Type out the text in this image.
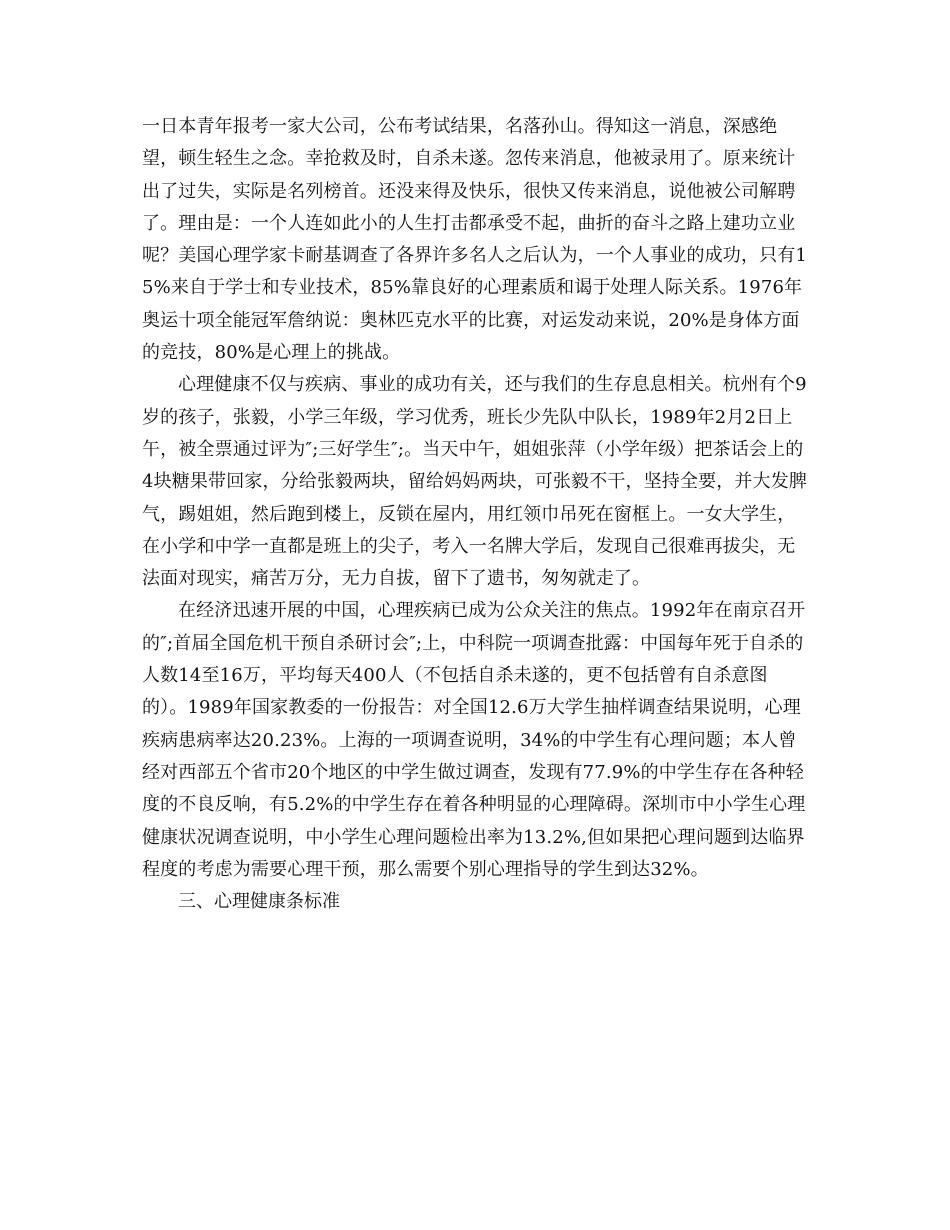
一日本青年报考一家大公司，公布考试结果，名落孙山。得知这一消息，深感绝望，顿生轻生之念。幸抢救及时，自杀未遂。忽传来消息，他被录用了。原来统计出了过失，实际是名列榜首。还没来得及快乐，很快又传来消息，说他被公司解聘了。理由是：一个人连如此小的人生打击都承受不起，曲折的奋斗之路上建功立业呢？美国心理学家卡耐基调查了各界许多名人之后认为，一个人事业的成功，只有15%来自于学士和专业技术，85%靠良好的心理素质和谒于处理人际关系。1976年奥运十项全能冠军詹纳说：奥林匹克水平的比赛，对运发动来说，20%是身体方面的竞技，80%是心理上的挑战。

心理健康不仅与疾病、事业的成功有关，还与我们的生存息息相关。杭州有个9岁的孩子，张毅，小学三年级，学习优秀，班长少先队中队长，1989年2月2日上午，被全票通过评为″;三好学生″;。当天中午，姐姐张萍（小学年级）把茶话会上的4块糖果带回家，分给张毅两块，留给妈妈两块，可张毅不干，坚持全要，并大发脾气，踢姐姐，然后跑到楼上，反锁在屋内，用红领巾吊死在窗框上。一女大学生，在小学和中学一直都是班上的尖子，考入一名牌大学后，发现自己很难再拔尖，无法面对现实，痛苦万分，无力自拔，留下了遗书，匆匆就走了。

在经济迅速开展的中国，心理疾病已成为公众关注的焦点。1992年在南京召开的″;首届全国危机干预自杀研讨会″;上，中科院一项调查批露：中国每年死于自杀的人数14至16万，平均每天400人（不包括自杀未遂的，更不包括曾有自杀意图的）。1989年国家教委的一份报告：对全国12.6万大学生抽样调查结果说明，心理疾病患病率达20.23%。上海的一项调查说明，34%的中学生有心理问题；本人曾经对西部五个省市20个地区的中学生做过调查，发现有77.9%的中学生存在各种轻度的不良反响，有5.2%的中学生存在着各种明显的心理障碍。深圳市中小学生心理健康状况调查说明，中小学生心理问题检出率为13.2%,但如果把心理问题到达临界程度的考虑为需要心理干预，那么需要个别心理指导的学生到达32%。

三、心理健康条标准
